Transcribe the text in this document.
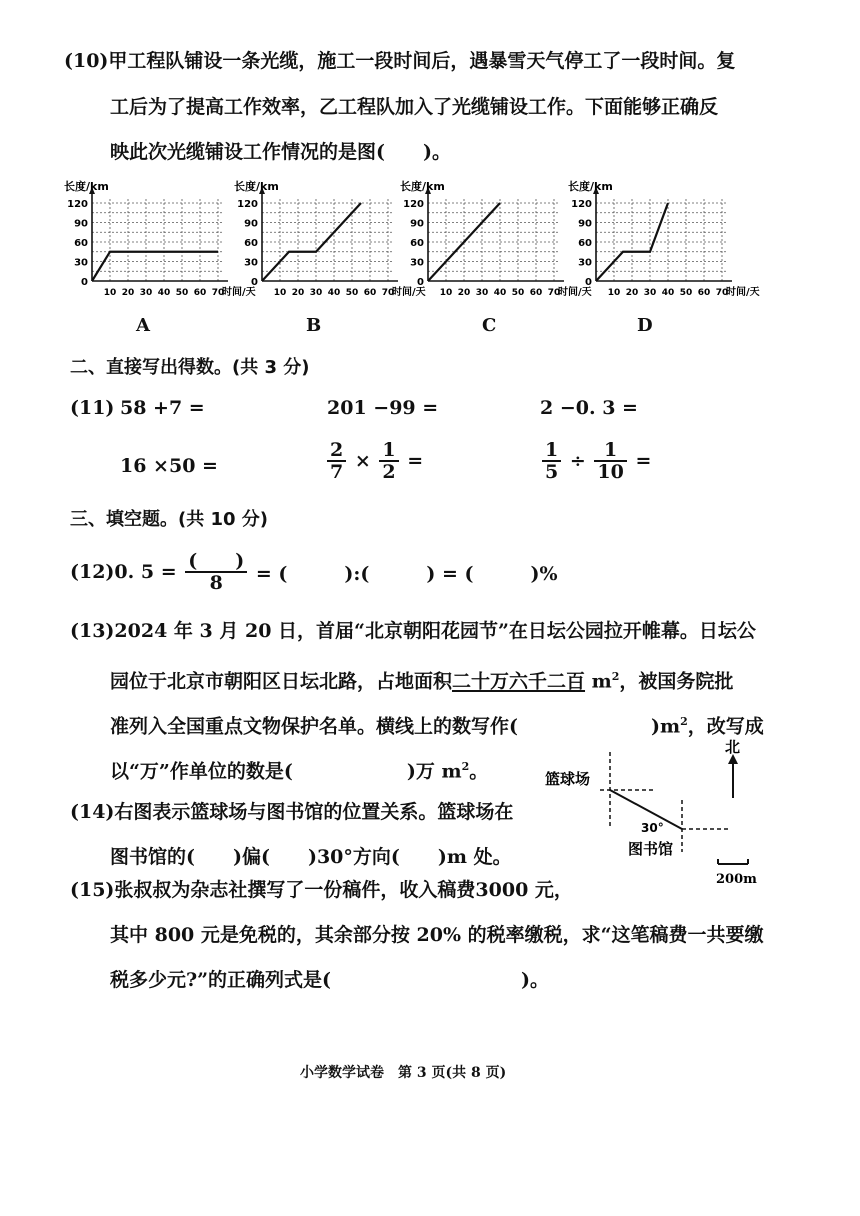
(10)甲工程队铺设一条光缆，施工一段时间后，遇暴雪天气停工了一段时间。复
工后为了提高工作效率，乙工程队加入了光缆铺设工作。下面能够正确反
映此次光缆铺设工作情况的是图(　　)。
0
30
60
90
120
10 20 30 40 50 60 70
长度/km
时间/天
0
30
60
90
120
10 20 30 40 50 60 70
长度/km
时间/天
0
30
60
90
120
10 20 30 40 50 60 70
长度/km
时间/天
0
30
60
90
120
10 20 30 40 50 60 70
长度/km
时间/天
A	B	C	D
二、直接写出得数。(共 3 分)
(11) 58 +7 =	201 −99 =	2 −0. 3 =
16 ×50 =	$\frac{2}{7} \times \frac{1}{2}$ =	$\frac{1}{5} \div \frac{1}{10}$ =
三、填空题。(共 10 分)
(12)0. $5 = \frac{( )}{8}$ = (　　　):(　　　) = (　　　)%
(13)2024 年 3 月 20 日，首届“北京朝阳花园节”在日坛公园拉开帷幕。日坛公
园位于北京市朝阳区日坛北路，占地面积二十万六千二百 $m^2$，被国务院批
准列入全国重点文物保护名单。横线上的数写作(　　　　　　　)$m^2$，改写成
以“万”作单位的数是(　　　　　　)万 $m^2$。
(14)右图表示篮球场与图书馆的位置关系。篮球场在
图书馆的(　　)偏(　　)30°方向(　　)m 处。
篮球场
北
30°
图书馆
200m
(15)张叔叔为杂志社撰写了一份稿件，收入稿费3000 元，
其中 800 元是免税的，其余部分按 20% 的税率缴税，求“这笔稿费一共要缴
税多少元?”的正确列式是(　　　　　　　　　　)。
小学数学试卷　第 3 页(共 8 页)
